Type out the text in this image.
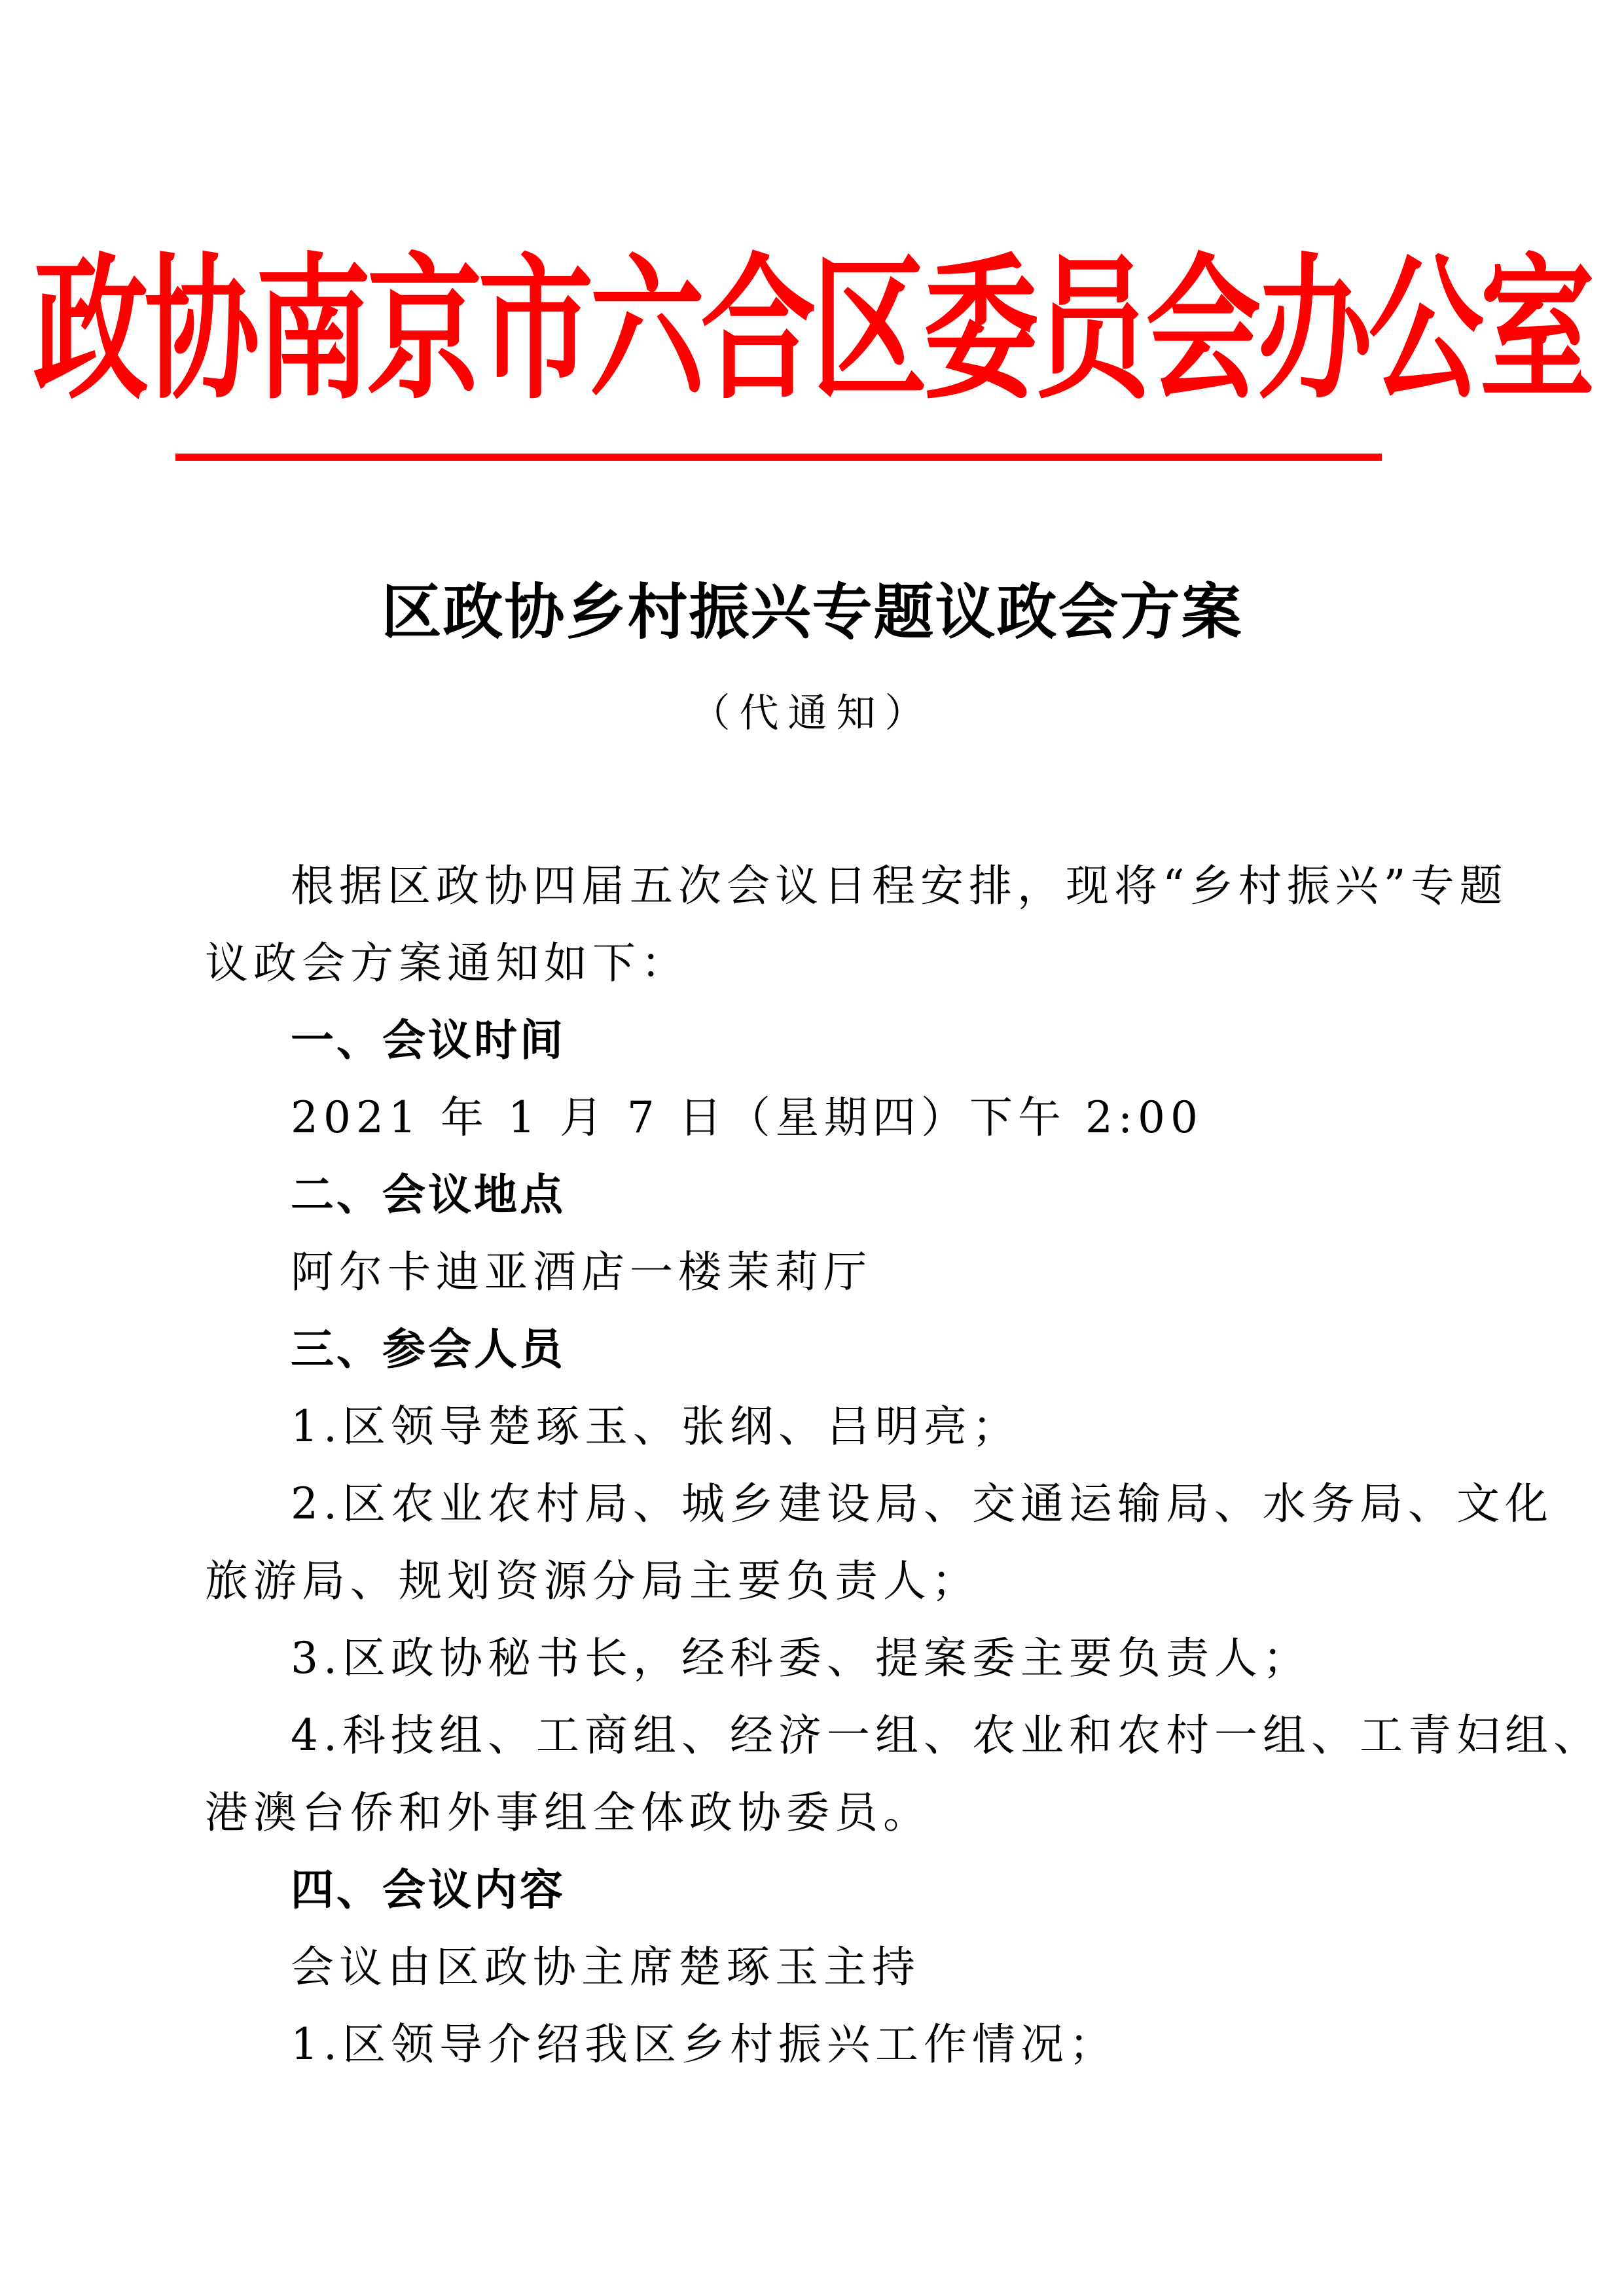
政协南京市六合区委员会办公室
区政协乡村振兴专题议政会方案
（代通知）
根据区政协四届五次会议日程安排，现将“乡村振兴”专题
议政会方案通知如下：
一、会议时间
2021 年 1 月 7 日（星期四）下午 2:00
二、会议地点
阿尔卡迪亚酒店一楼茉莉厅
三、参会人员
1.区领导楚琢玉、张纲、吕明亮；
2.区农业农村局、城乡建设局、交通运输局、水务局、文化
旅游局、规划资源分局主要负责人；
3.区政协秘书长，经科委、提案委主要负责人；
4.科技组、工商组、经济一组、农业和农村一组、工青妇组、
港澳台侨和外事组全体政协委员。
四、会议内容
会议由区政协主席楚琢玉主持
1.区领导介绍我区乡村振兴工作情况；
